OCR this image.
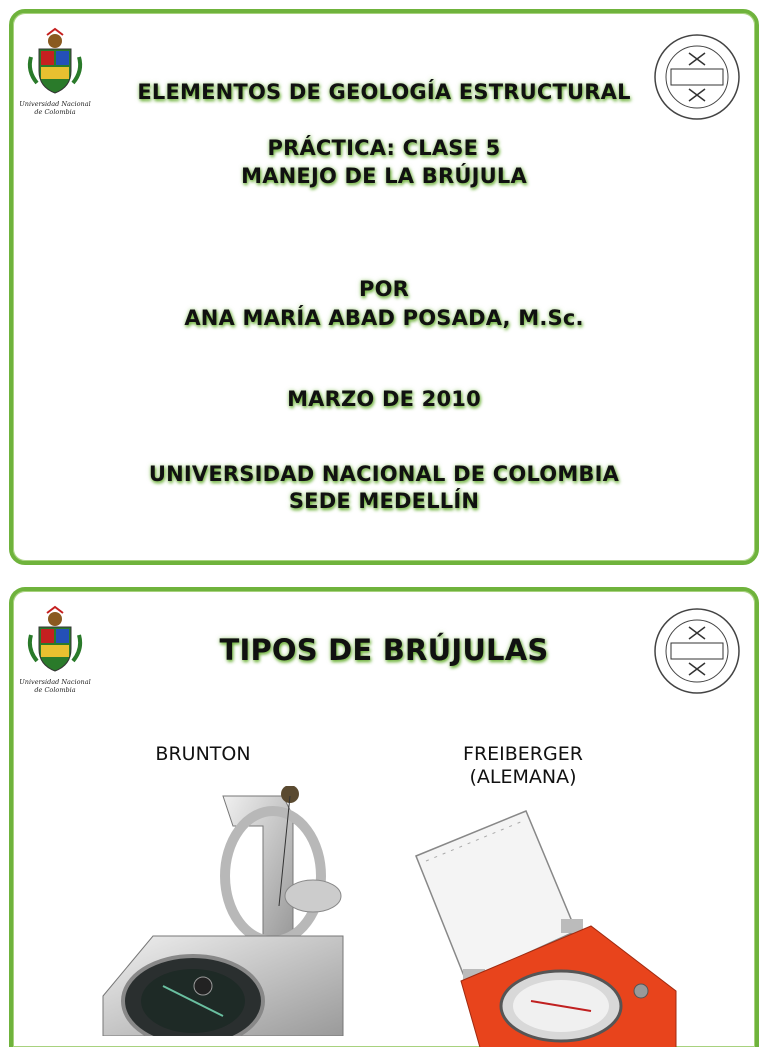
Universidad Nacional
de Colombia
ELEMENTOS DE GEOLOGÍA ESTRUCTURAL
PRÁCTICA: CLASE 5
MANEJO DE LA BRÚJULA
POR
ANA MARÍA ABAD POSADA, M.Sc.
MARZO DE 2010
UNIVERSIDAD NACIONAL DE COLOMBIA
SEDE MEDELLÍN
Universidad Nacional
de Colombia
TIPOS DE BRÚJULAS
BRUNTON	FREIBERGER
(ALEMANA)
